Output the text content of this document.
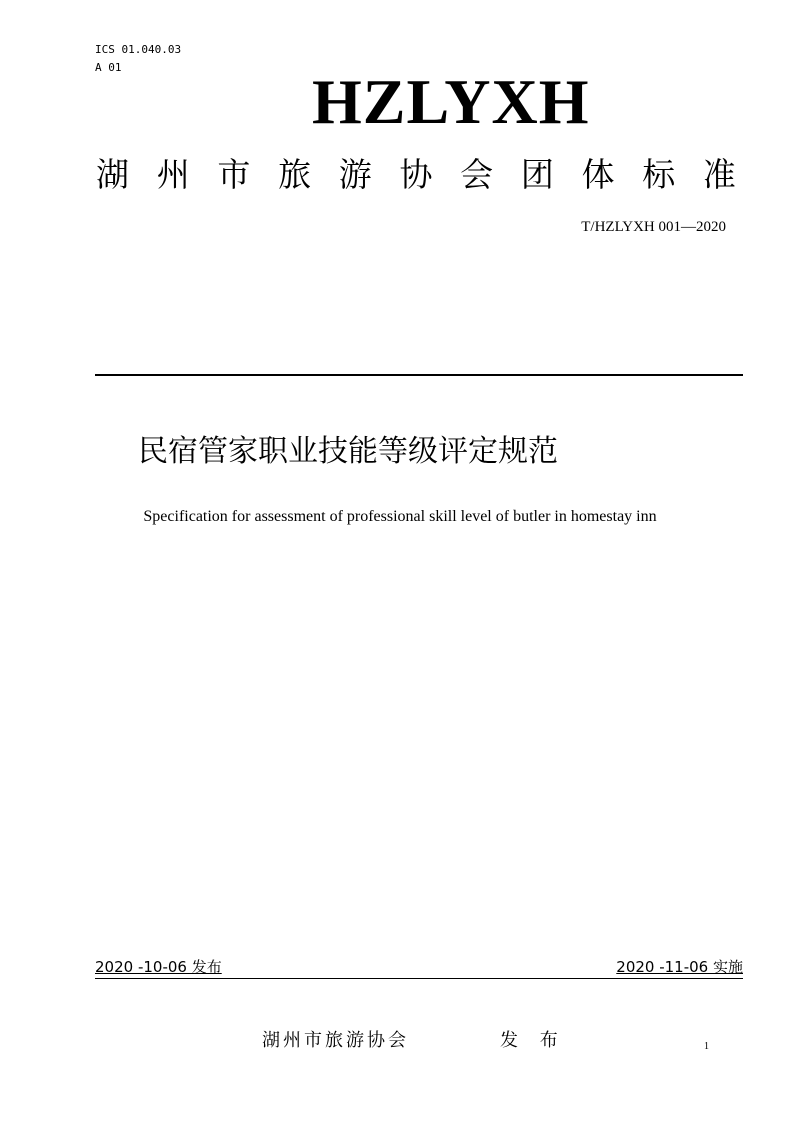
ICS 01.040.03
A 01	HZLYXH
湖 州 市 旅 游 协 会 团 体 标 准
T/HZLYXH 001—2020
民宿管家职业技能等级评定规范
Specification for assessment of professional skill level of butler in homestay inn
2020 -10-06 发布	2020 -11-06 实施
湖州市旅游协会	发 布	1
